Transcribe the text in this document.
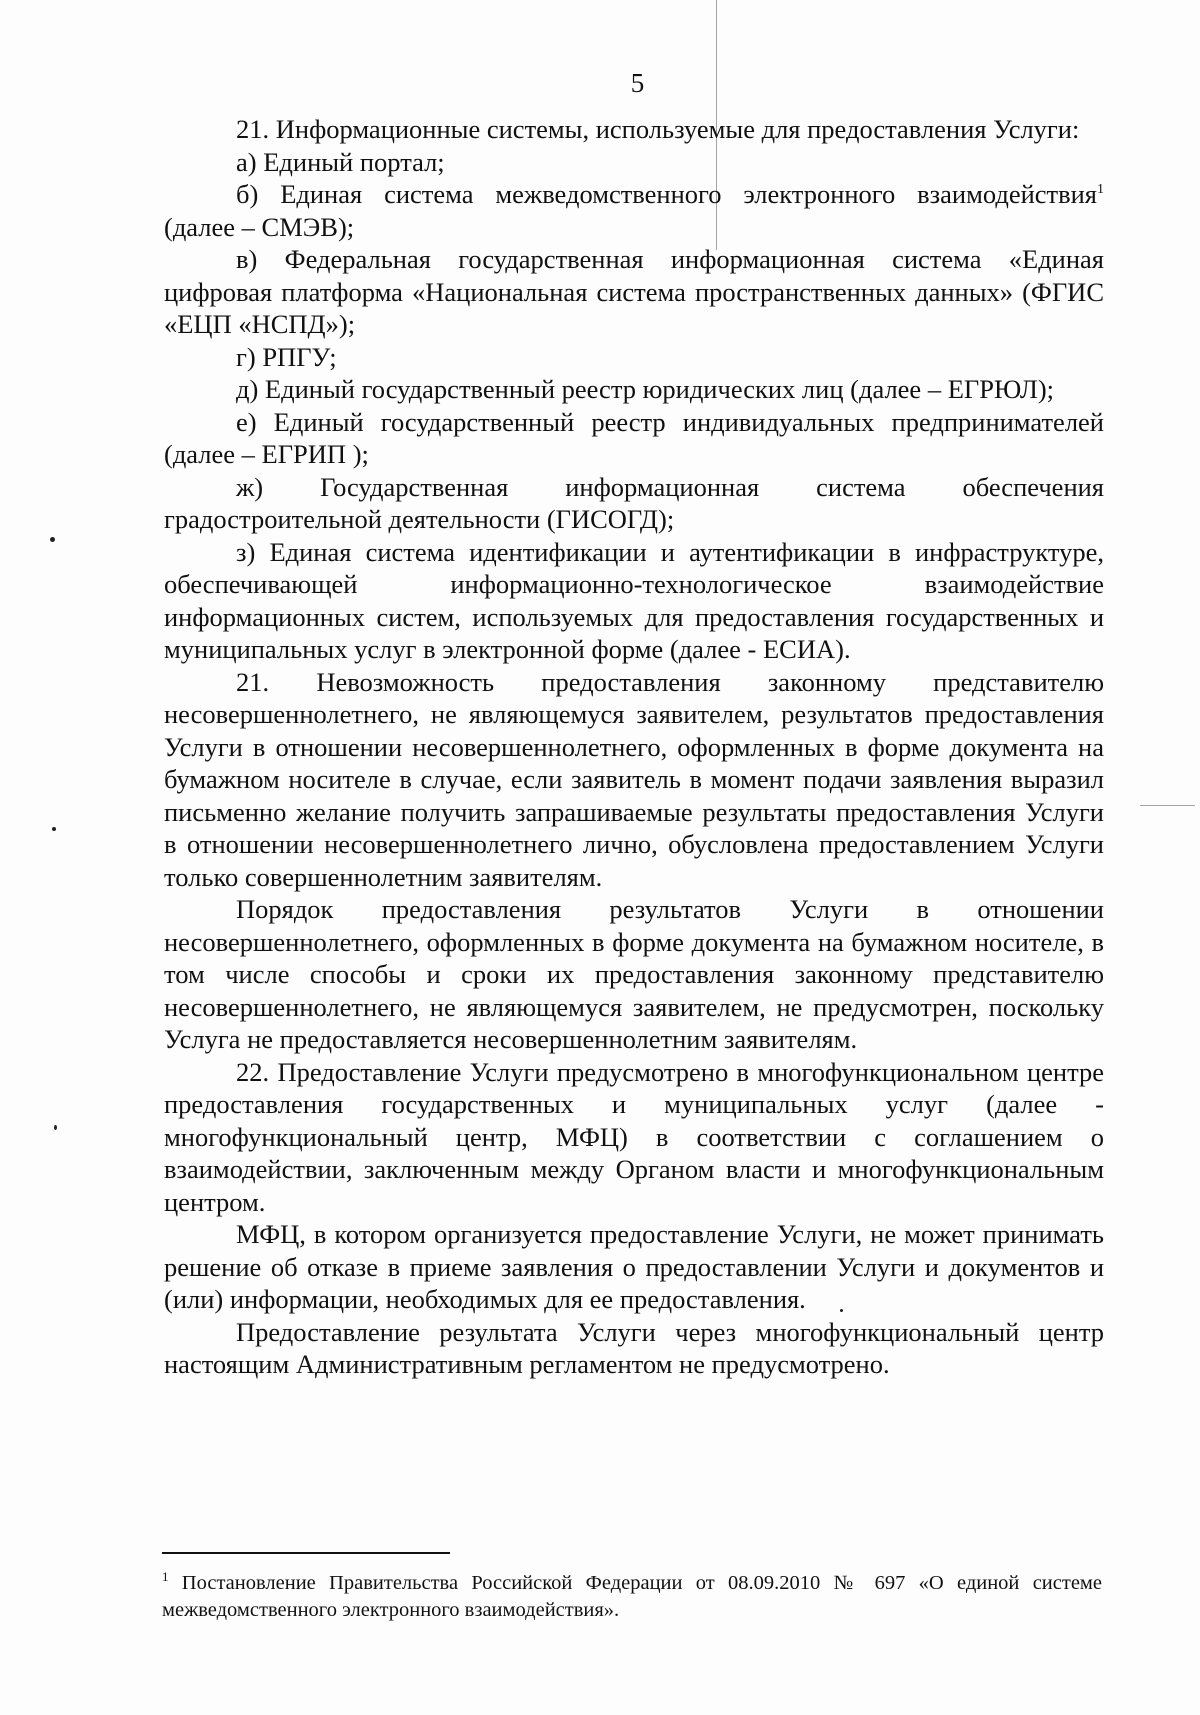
5

21. Информационные системы, используемые для предоставления Услуги:

а) Единый портал;

б) Единая система межведомственного электронного взаимодействия$^1$

(далее – СМЭВ);

в) Федеральная государственная информационная система «Единая цифровая платформа «Национальная система пространственных данных» (ФГИС «ЕЦП «НСПД»);

г) РПГУ;

д) Единый государственный реестр юридических лиц (далее – ЕГРЮЛ);

е) Единый государственный реестр индивидуальных предпринимателей (далее – ЕГРИП );

ж) Государственная информационная система обеспечения градостроительной деятельности (ГИСОГД);

з) Единая система идентификации и аутентификации в инфраструктуре, обеспечивающей информационно-технологическое взаимодействие информационных систем, используемых для предоставления государственных и муниципальных услуг в электронной форме (далее - ЕСИА).

21. Невозможность предоставления законному представителю несовершеннолетнего, не являющемуся заявителем, результатов предоставления Услуги в отношении несовершеннолетнего, оформленных в форме документа на бумажном носителе в случае, если заявитель в момент подачи заявления выразил письменно желание получить запрашиваемые результаты предоставления Услуги в отношении несовершеннолетнего лично, обусловлена предоставлением Услуги только совершеннолетним заявителям.

Порядок предоставления результатов Услуги в отношении несовершеннолетнего, оформленных в форме документа на бумажном носителе, в том числе способы и сроки их предоставления законному представителю несовершеннолетнего, не являющемуся заявителем, не предусмотрен, поскольку Услуга не предоставляется несовершеннолетним заявителям.

22. Предоставление Услуги предусмотрено в многофункциональном центре предоставления государственных и муниципальных услуг (далее - многофункциональный центр, МФЦ) в соответствии с соглашением о взаимодействии, заключенным между Органом власти и многофункциональным центром.

МФЦ, в котором организуется предоставление Услуги, не может принимать решение об отказе в приеме заявления о предоставлении Услуги и документов и (или) информации, необходимых для ее предоставления.

Предоставление результата Услуги через многофункциональный центр настоящим Административным регламентом не предусмотрено.

$^1$ Постановление Правительства Российской Федерации от 08.09.2010 № 697 «О единой системе межведомственного электронного взаимодействия».
